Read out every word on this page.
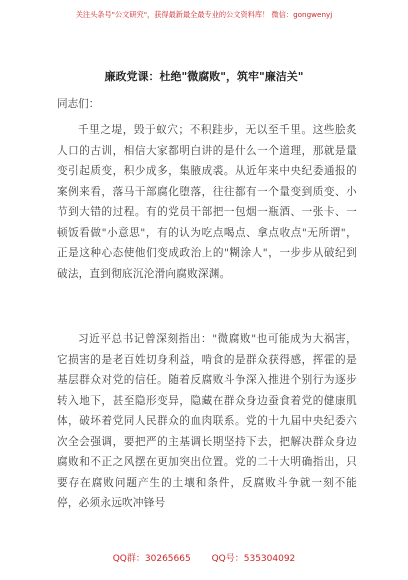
关注头条号"公文研究"，获得最新最全最专业的公文资料库！ 微信：gongwenyj
廉政党课：杜绝"微腐败"，筑牢"廉洁关"
同志们：
千里之堤，毁于蚁穴；不积跬步，无以至千里。这些脍炙人口的古训，相信大家都明白讲的是什么一个道理，那就是量变引起质变，积少成多，集腋成裘。从近年来中央纪委通报的案例来看，落马干部腐化堕落，往往都有一个量变到质变、小节到大错的过程。有的党员干部把一包烟一瓶酒、一张卡、一顿饭看做"小意思"，有的认为吃点喝点、拿点收点"无所谓"，正是这种心态使他们变成政治上的"糊涂人"，一步步从破纪到破法，直到彻底沉沦滑向腐败深渊。
习近平总书记曾深刻指出："微腐败"也可能成为大祸害，它损害的是老百姓切身利益，啃食的是群众获得感，挥霍的是基层群众对党的信任。随着反腐败斗争深入推进个别行为逐步转入地下，甚至隐形变异，隐藏在群众身边蚕食着党的健康肌体，破坏着党同人民群众的血肉联系。党的十九届中央纪委六次全会强调，要把严的主基调长期坚持下去，把解决群众身边腐败和不正之风摆在更加突出位置。党的二十大明确指出，只要存在腐败问题产生的土壤和条件，反腐败斗争就一刻不能停，必须永远吹冲锋号
QQ群：30265665 QQ号：535304092
